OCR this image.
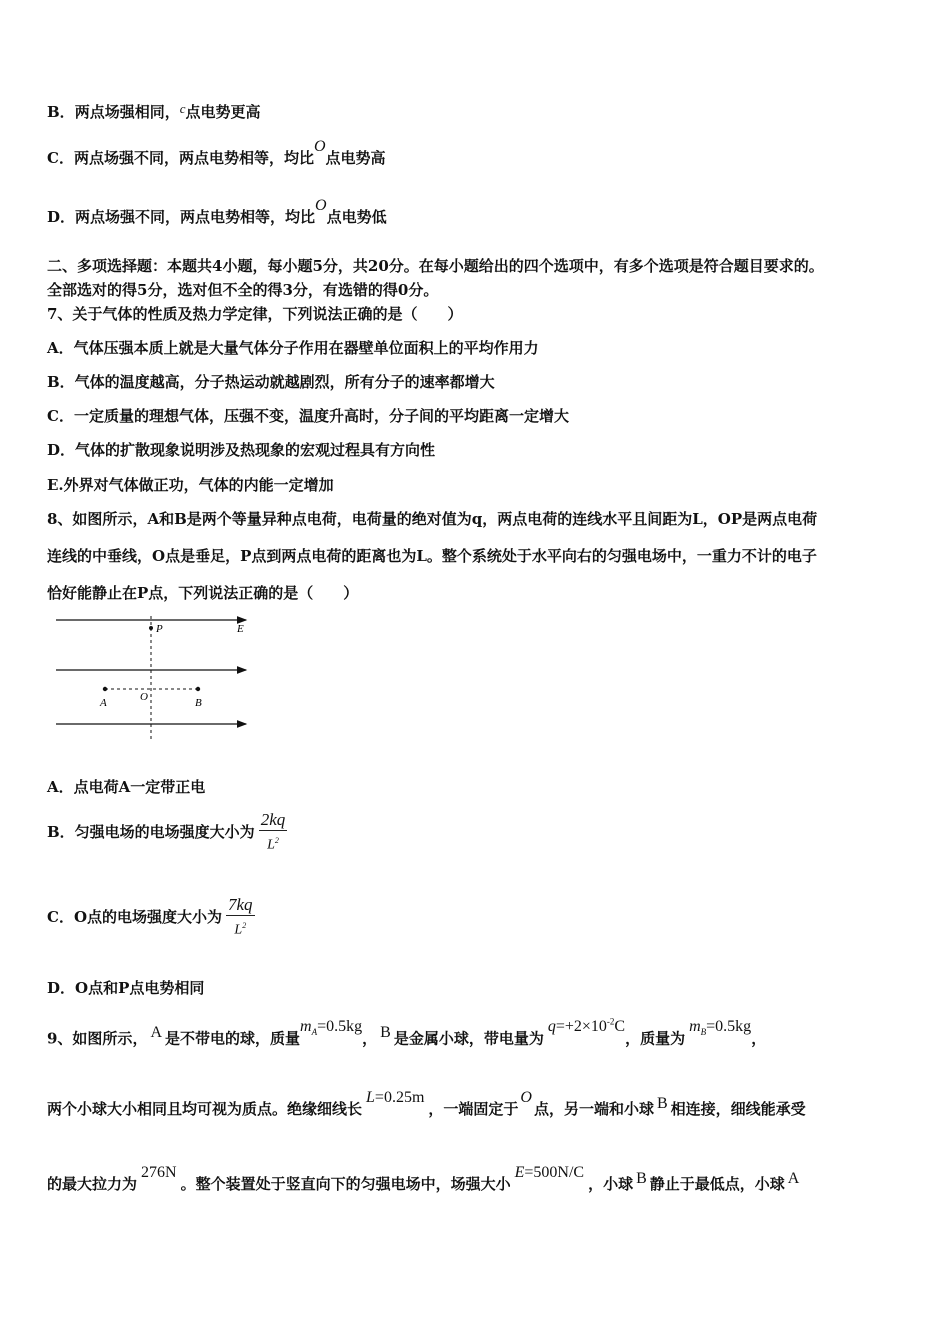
B．两点场强相同，c点电势更高
C．两点场强不同，两点电势相等，均比O点电势高
D．两点场强不同，两点电势相等，均比O点电势低
二、多项选择题：本题共4小题，每小题5分，共20分。在每小题给出的四个选项中，有多个选项是符合题目要求的。
全部选对的得5分，选对但不全的得3分，有选错的得0分。
7、关于气体的性质及热力学定律，下列说法正确的是（　　）
A．气体压强本质上就是大量气体分子作用在器壁单位面积上的平均作用力
B．气体的温度越高，分子热运动就越剧烈，所有分子的速率都增大
C．一定质量的理想气体，压强不变，温度升高时，分子间的平均距离一定增大
D．气体的扩散现象说明涉及热现象的宏观过程具有方向性
E.外界对气体做正功，气体的内能一定增加
8、如图所示，A和B是两个等量异种点电荷，电荷量的绝对值为q，两点电荷的连线水平且间距为L，OP是两点电荷
连线的中垂线，O点是垂足，P点到两点电荷的距离也为L。整个系统处于水平向右的匀强电场中，一重力不计的电子
恰好能静止在P点，下列说法正确的是（　　）
P	E
O
A	B
A．点电荷A一定带正电
B．匀强电场的电场强度大小为 $\frac{2kq}{L^2}$
C．O点的电场强度大小为 $\frac{7kq}{L^2}$
D．O点和P点电势相同
9、如图所示， A 是不带电的球，质量$m_A=0.5kg$， B 是金属小球，带电量为$q=+2\times 10^{-2}C$，质量为$m_B=0.5kg$，
两个小球大小相同且均可视为质点。绝缘细线长L=0.25m，一端固定于O点，另一端和小球 B 相连接，细线能承受
的最大拉力为276N。整个装置处于竖直向下的匀强电场中，场强大小E=500N/C，小球 B 静止于最低点，小球 A
